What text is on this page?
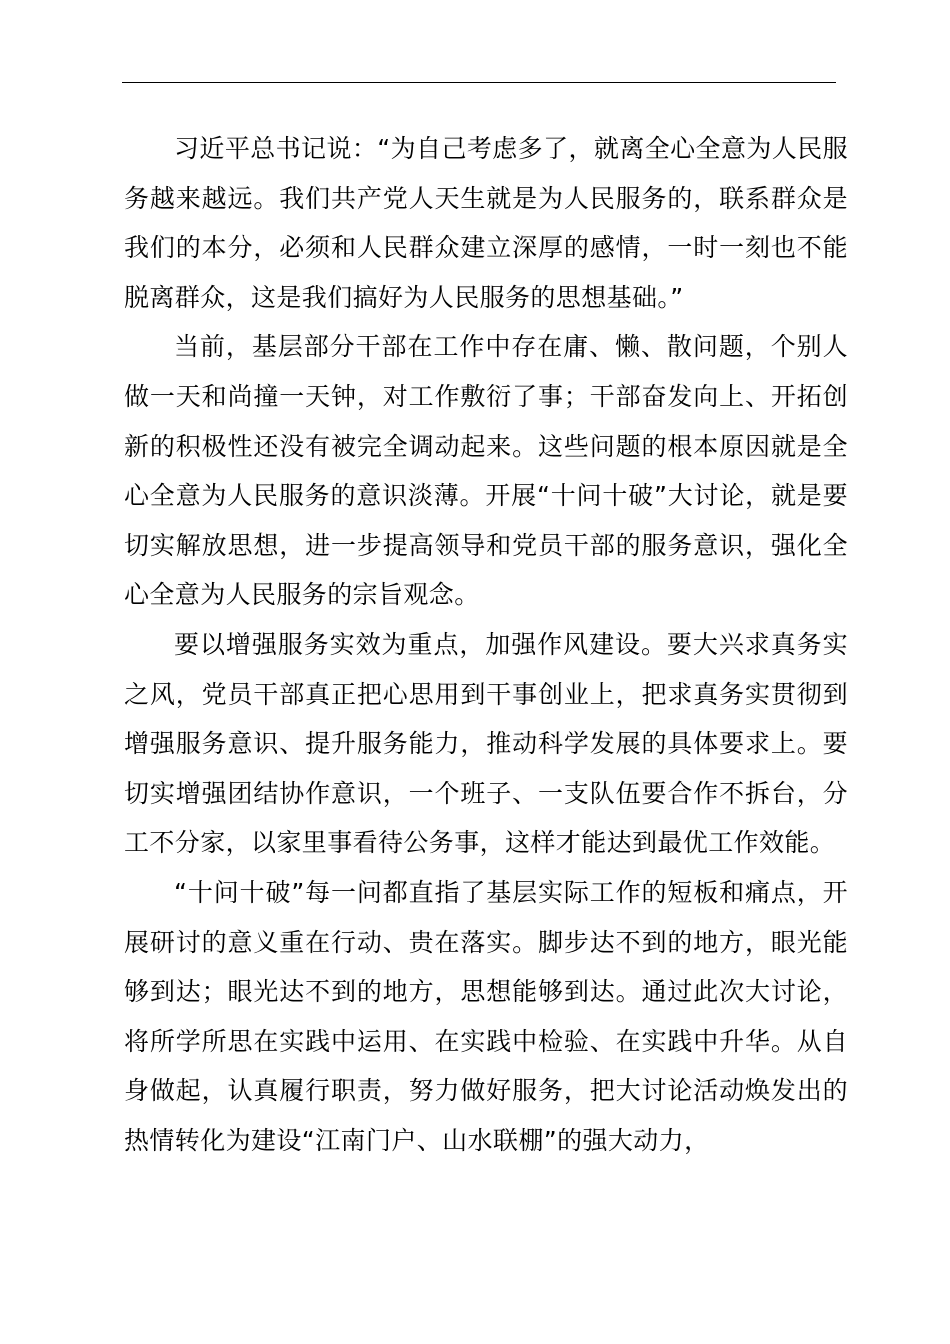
习近平总书记说：“为自己考虑多了，就离全心全意为人民服务越来越远。我们共产党人天生就是为人民服务的，联系群众是我们的本分，必须和人民群众建立深厚的感情，一时一刻也不能脱离群众，这是我们搞好为人民服务的思想基础。”

当前，基层部分干部在工作中存在庸、懒、散问题，个别人做一天和尚撞一天钟，对工作敷衍了事；干部奋发向上、开拓创新的积极性还没有被完全调动起来。这些问题的根本原因就是全心全意为人民服务的意识淡薄。开展“十问十破”大讨论，就是要切实解放思想，进一步提高领导和党员干部的服务意识，强化全心全意为人民服务的宗旨观念。

要以增强服务实效为重点，加强作风建设。要大兴求真务实之风，党员干部真正把心思用到干事创业上，把求真务实贯彻到增强服务意识、提升服务能力，推动科学发展的具体要求上。要切实增强团结协作意识，一个班子、一支队伍要合作不拆台，分工不分家，以家里事看待公务事，这样才能达到最优工作效能。

“十问十破”每一问都直指了基层实际工作的短板和痛点，开展研讨的意义重在行动、贵在落实。脚步达不到的地方，眼光能够到达；眼光达不到的地方，思想能够到达。通过此次大讨论，将所学所思在实践中运用、在实践中检验、在实践中升华。从自身做起，认真履行职责，努力做好服务，把大讨论活动焕发出的热情转化为建设“江南门户、山水联棚”的强大动力，
